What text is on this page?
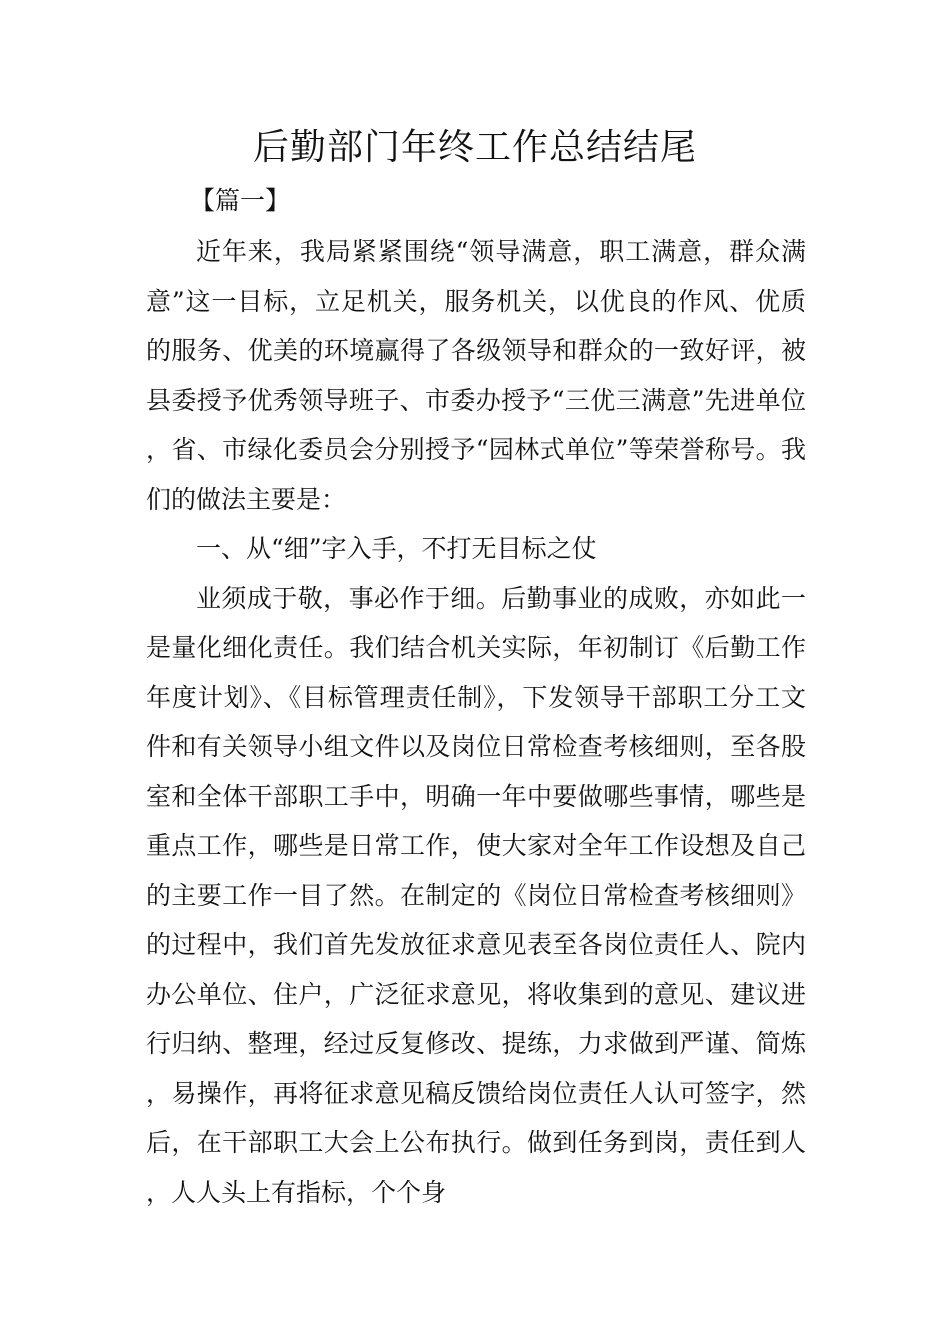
后勤部门年终工作总结结尾

【篇一】

近年来，我局紧紧围绕“领导满意，职工满意，群众满意”这一目标，立足机关，服务机关，以优良的作风、优质的服务、优美的环境赢得了各级领导和群众的一致好评，被县委授予优秀领导班子、市委办授予“三优三满意”先进单位，省、市绿化委员会分别授予“园林式单位”等荣誉称号。我们的做法主要是：

一、从“细”字入手，不打无目标之仗

业须成于敬，事必作于细。后勤事业的成败，亦如此一是量化细化责任。我们结合机关实际，年初制订《后勤工作年度计划》、《目标管理责任制》，下发领导干部职工分工文件和有关领导小组文件以及岗位日常检查考核细则，至各股室和全体干部职工手中，明确一年中要做哪些事情，哪些是重点工作，哪些是日常工作，使大家对全年工作设想及自己的主要工作一目了然。在制定的《岗位日常检查考核细则》的过程中，我们首先发放征求意见表至各岗位责任人、院内办公单位、住户，广泛征求意见，将收集到的意见、建议进行归纳、整理，经过反复修改、提练，力求做到严谨、简炼，易操作，再将征求意见稿反馈给岗位责任人认可签字，然后，在干部职工大会上公布执行。做到任务到岗，责任到人，人人头上有指标，个个身
